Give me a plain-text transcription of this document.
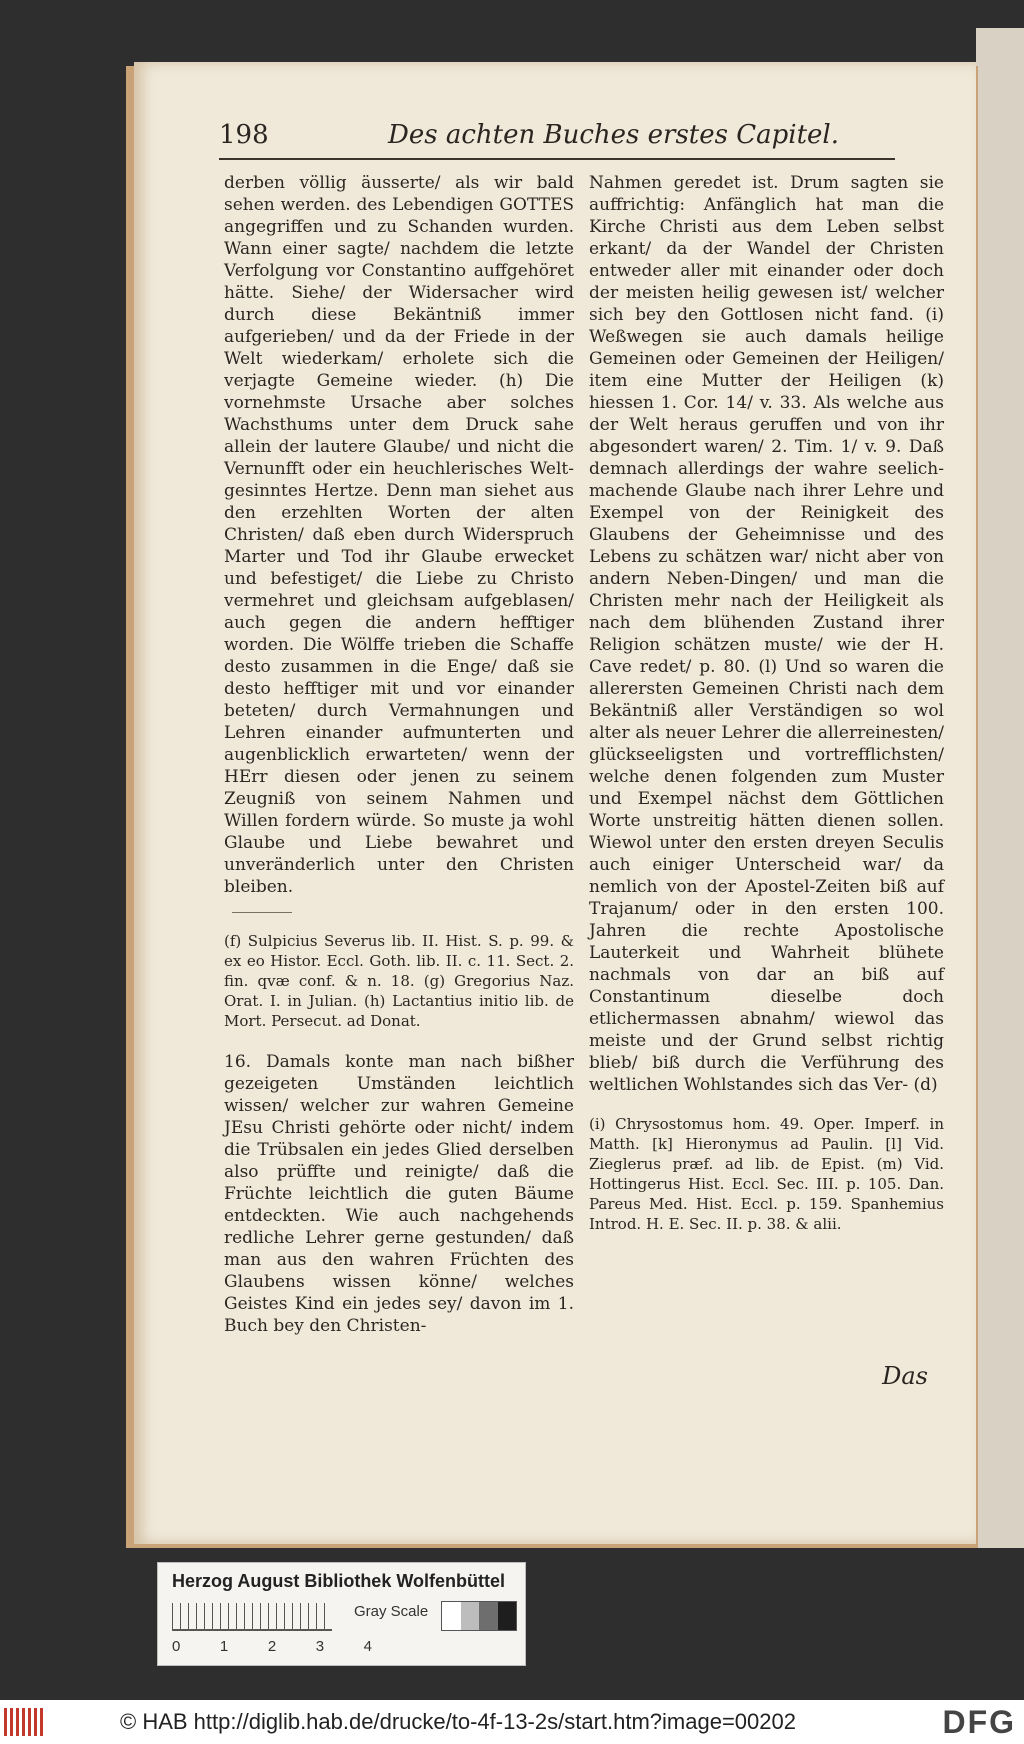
198	Des achten Buches erstes Capitel.

derben völlig äusserte/ als wir bald sehen werden. des Lebendigen GOTTES angegriffen und zu Schanden wurden. Wann einer sagte/ nachdem die letzte Verfolgung vor Constantino auffgehöret hätte. Siehe/ der Widersacher wird durch diese Bekäntniß immer aufgerieben/ und da der Friede in der Welt wiederkam/ erholete sich die verjagte Gemeine wieder. (h) Die vornehmste Ursache aber solches Wachsthums unter dem Druck sahe allein der lautere Glaube/ und nicht die Vernunfft oder ein heuchlerisches Welt-gesinntes Hertze. Denn man siehet aus den erzehlten Worten der alten Christen/ daß eben durch Widerspruch Marter und Tod ihr Glaube erwecket und befestiget/ die Liebe zu Christo vermehret und gleichsam aufgeblasen/ auch gegen die andern hefftiger worden. Die Wölffe trieben die Schaffe desto zusammen in die Enge/ daß sie desto hefftiger mit und vor einander beteten/ durch Vermahnungen und Lehren einander aufmunterten und augenblicklich erwarteten/ wenn der HErr diesen oder jenen zu seinem Zeugniß von seinem Nahmen und Willen fordern würde. So muste ja wohl Glaube und Liebe bewahret und unveränderlich unter den Christen bleiben.

(f) Sulpicius Severus lib. II. Hist. S. p. 99. & ex eo Histor. Eccl. Goth. lib. II. c. 11. Sect. 2. fin. qvæ conf. & n. 18. (g) Gregorius Naz. Orat. I. in Julian. (h) Lactantius initio lib. de Mort. Persecut. ad Donat.

16. Damals konte man nach bißher gezeigeten Umständen leichtlich wissen/ welcher zur wahren Gemeine JEsu Christi gehörte oder nicht/ indem die Trübsalen ein jedes Glied derselben also prüffte und reinigte/ daß die Früchte leichtlich die guten Bäume entdeckten. Wie auch nachgehends redliche Lehrer gerne gestunden/ daß man aus den wahren Früchten des Glaubens wissen könne/ welches Geistes Kind ein jedes sey/ davon im 1. Buch bey den Christen-

Nahmen geredet ist. Drum sagten sie auffrichtig: Anfänglich hat man die Kirche Christi aus dem Leben selbst erkant/ da der Wandel der Christen entweder aller mit einander oder doch der meisten heilig gewesen ist/ welcher sich bey den Gottlosen nicht fand. (i) Weßwegen sie auch damals heilige Gemeinen oder Gemeinen der Heiligen/ item eine Mutter der Heiligen (k) hiessen 1. Cor. 14/ v. 33. Als welche aus der Welt heraus geruffen und von ihr abgesondert waren/ 2. Tim. 1/ v. 9. Daß demnach allerdings der wahre seelich-machende Glaube nach ihrer Lehre und Exempel von der Reinigkeit des Glaubens der Geheimnisse und des Lebens zu schätzen war/ nicht aber von andern Neben-Dingen/ und man die Christen mehr nach der Heiligkeit als nach dem blühenden Zustand ihrer Religion schätzen muste/ wie der H. Cave redet/ p. 80. (l) Und so waren die allerersten Gemeinen Christi nach dem Bekäntniß aller Verständigen so wol alter als neuer Lehrer die allerreinesten/ glückseeligsten und vortrefflichsten/ welche denen folgenden zum Muster und Exempel nächst dem Göttlichen Worte unstreitig hätten dienen sollen. Wiewol unter den ersten dreyen Seculis auch einiger Unterscheid war/ da nemlich von der Apostel-Zeiten biß auf Trajanum/ oder in den ersten 100. Jahren die rechte Apostolische Lauterkeit und Wahrheit blühete nachmals von dar an biß auf Constantinum dieselbe doch etlichermassen abnahm/ wiewol das meiste und der Grund selbst richtig blieb/ biß durch die Verführung des weltlichen Wohlstandes sich das Ver- (d)

(i) Chrysostomus hom. 49. Oper. Imperf. in Matth. [k] Hieronymus ad Paulin. [l] Vid. Zieglerus præf. ad lib. de Epist. (m) Vid. Hottingerus Hist. Eccl. Sec. III. p. 105. Dan. Pareus Med. Hist. Eccl. p. 159. Spanhemius Introd. H. E. Sec. II. p. 38. & alii.

Das
Herzog August Bibliothek Wolfenbüttel
Gray Scale
0	1	2	3	4
© HAB http://diglib.hab.de/drucke/to-4f-13-2s/start.htm?image=00202	DFG
